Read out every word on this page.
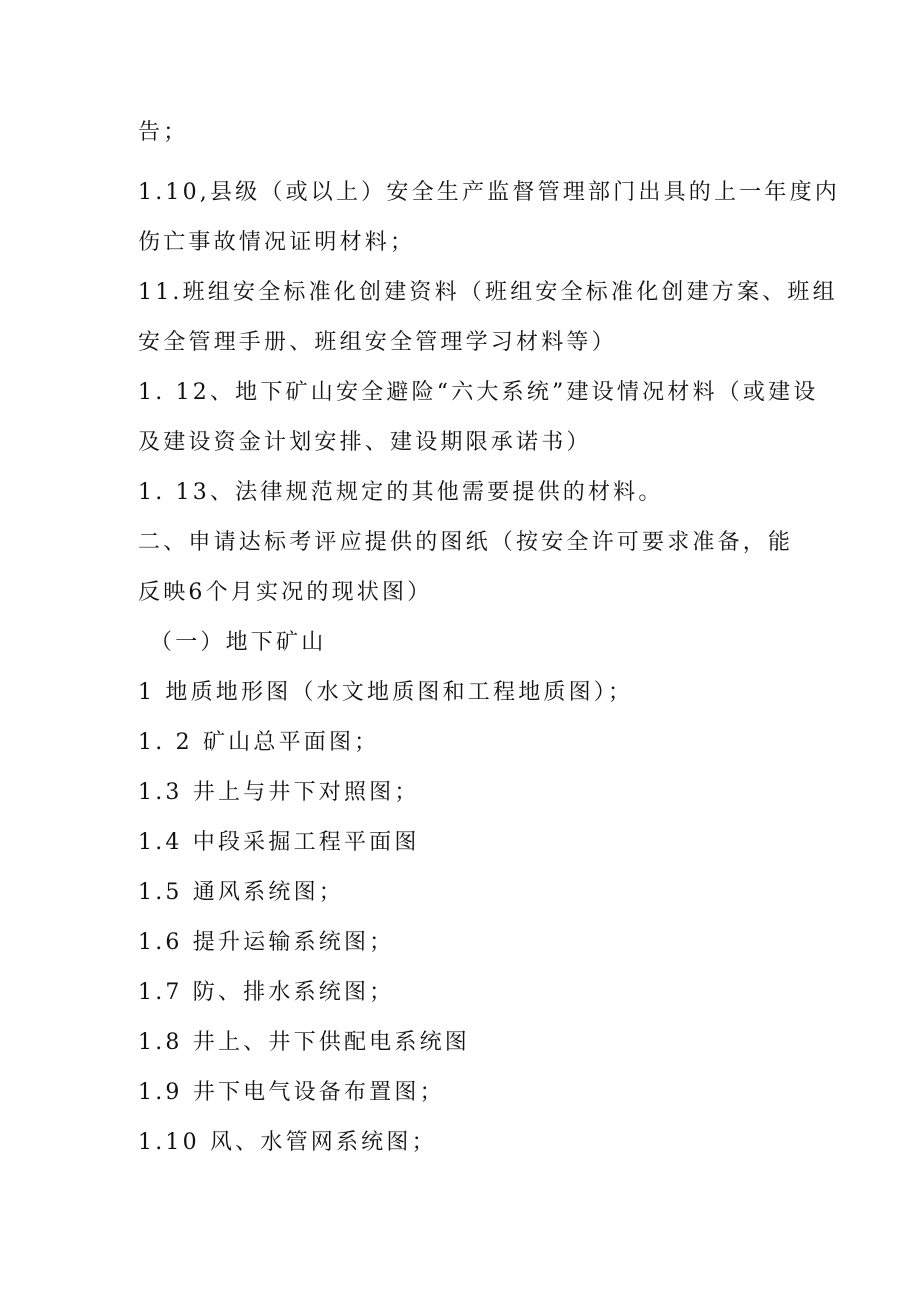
告；
1.10,县级（或以上）安全生产监督管理部门出具的上一年度内
伤亡事故情况证明材料；
11.班组安全标准化创建资料（班组安全标准化创建方案、班组
安全管理手册、班组安全管理学习材料等）
1. 12、地下矿山安全避险“六大系统”建设情况材料（或建设
及建设资金计划安排、建设期限承诺书）
1. 13、法律规范规定的其他需要提供的材料。
二、申请达标考评应提供的图纸（按安全许可要求准备，能
反映6个月实况的现状图）
（一）地下矿山
1 地质地形图（水文地质图和工程地质图）；
1. 2 矿山总平面图；
1.3 井上与井下对照图；
1.4 中段采掘工程平面图
1.5 通风系统图；
1.6 提升运输系统图；
1.7 防、排水系统图；
1.8 井上、井下供配电系统图
1.9 井下电气设备布置图；
1.10 风、水管网系统图；
